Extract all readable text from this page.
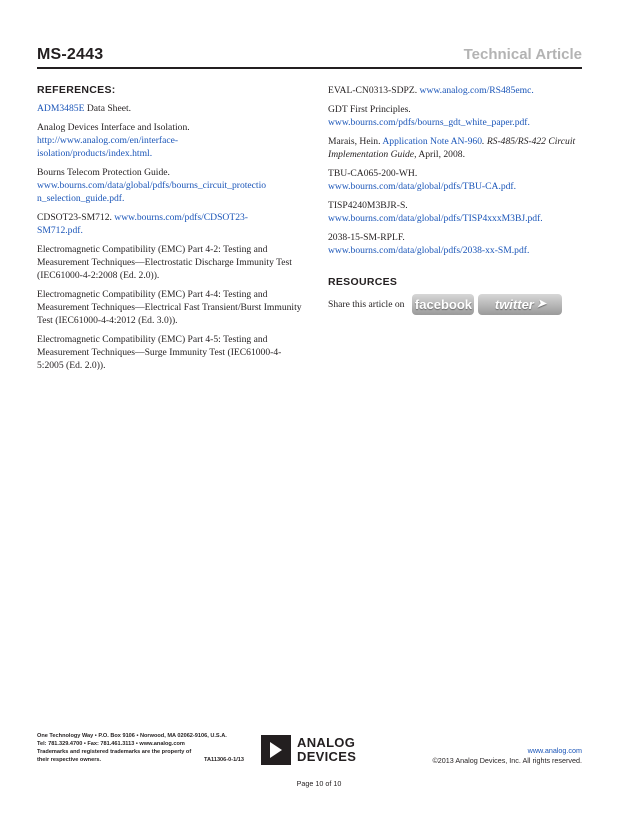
MS-2443	Technical Article
REFERENCES:

ADM3485E Data Sheet.

Analog Devices Interface and Isolation.
http://www.analog.com/en/interface-
isolation/products/index.html.

Bourns Telecom Protection Guide.
www.bourns.com/data/global/pdfs/bourns_circuit_protectio
n_selection_guide.pdf.

CDSOT23-SM712. www.bourns.com/pdfs/CDSOT23-
SM712.pdf.

Electromagnetic Compatibility (EMC) Part 4-2: Testing and Measurement Techniques—Electrostatic Discharge Immunity Test (IEC61000-4-2:2008 (Ed. 2.0)).

Electromagnetic Compatibility (EMC) Part 4-4: Testing and Measurement Techniques—Electrical Fast Transient/Burst Immunity Test (IEC61000-4-4:2012 (Ed. 3.0)).

Electromagnetic Compatibility (EMC) Part 4-5: Testing and Measurement Techniques—Surge Immunity Test (IEC61000-4-5:2005 (Ed. 2.0)).

EVAL-CN0313-SDPZ. www.analog.com/RS485emc.

GDT First Principles.
www.bourns.com/pdfs/bourns_gdt_white_paper.pdf.

Marais, Hein. Application Note AN-960. RS-485/RS-422 Circuit Implementation Guide, April, 2008.

TBU-CA065-200-WH.
www.bourns.com/data/global/pdfs/TBU-CA.pdf.

TISP4240M3BJR-S.
www.bourns.com/data/global/pdfs/TISP4xxxM3BJ.pdf.

2038-15-SM-RPLF.
www.bourns.com/data/global/pdfs/2038-xx-SM.pdf.

RESOURCES
Share this article on facebook twitter ➤
One Technology Way • P.O. Box 9106 • Norwood, MA 02062-9106, U.S.A.
Tel: 781.329.4700 • Fax: 781.461.3113 • www.analog.com
Trademarks and registered trademarks are the property of
their respective owners.	TA11306-0-1/13
ANALOG
DEVICES	www.analog.com
©2013 Analog Devices, Inc. All rights reserved.
Page 10 of 10
